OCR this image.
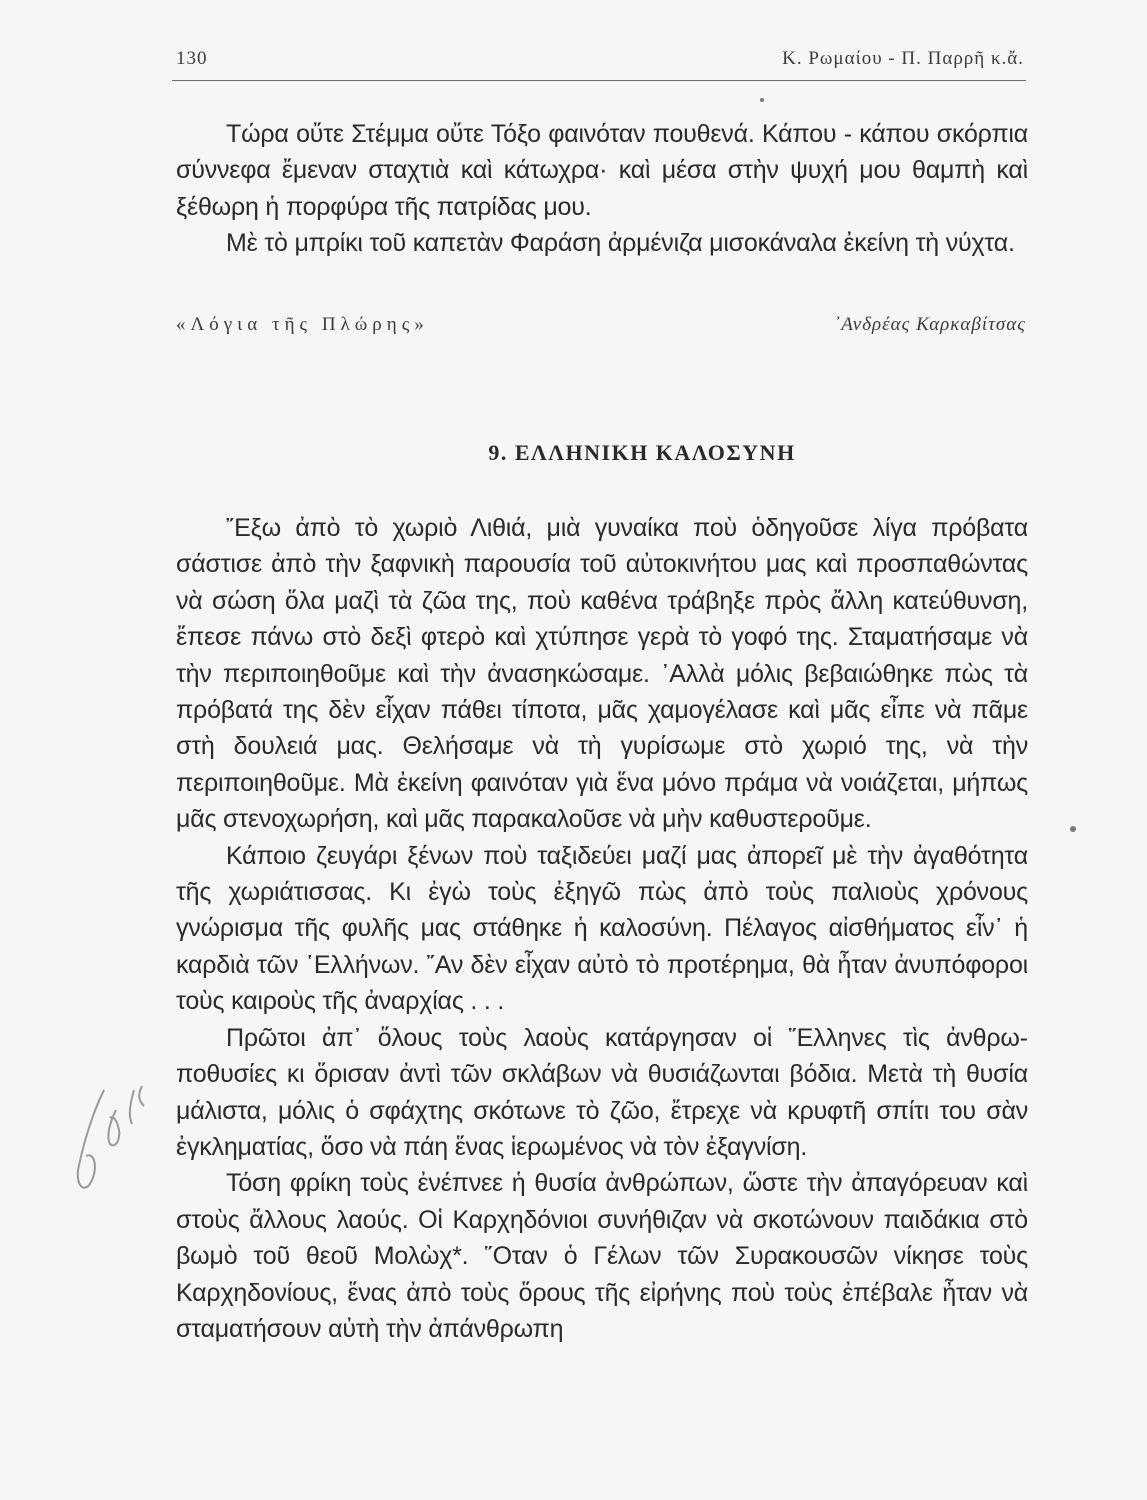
130	Κ. Ρωμαίου - Π. Παρρῆ κ.ἄ.

Τώρα οὔτε Στέμμα οὔτε Τόξο φαινόταν πουθενά. Κάπου - κάπου σκόρπια σύννεφα ἔμεναν σταχτιὰ καὶ κάτωχρα· καὶ μέσα στὴν ψυχή μου θαμπὴ καὶ ξέθωρη ἡ πορφύρα τῆς πατρίδας μου.

Μὲ τὸ μπρίκι τοῦ καπετὰν Φαράση ἀρμένιζα μισοκάναλα ἐκείνη τὴ νύχτα.

«Λόγια τῆς Πλώρης»	᾿Ανδρέας Καρκαβίτσας
9. ΕΛΛΗΝΙΚΗ ΚΑΛΟΣΥΝΗ

῎Εξω ἀπὸ τὸ χωριὸ Λιθιά, μιὰ γυναίκα ποὺ ὁδηγοῦσε λίγα πρόβατα σάστισε ἀπὸ τὴν ξαφνικὴ παρουσία τοῦ αὐτοκινήτου μας καὶ προσπαθώντας νὰ σώση ὅλα μαζὶ τὰ ζῶα της, ποὺ καθένα τράβηξε πρὸς ἄλλη κατεύθυνση, ἔπεσε πάνω στὸ δεξὶ φτερὸ καὶ χτύπησε γερὰ τὸ γοφό της. Σταματήσαμε νὰ τὴν περιποιηθοῦμε καὶ τὴν ἀνασηκώσαμε. ᾿Αλλὰ μόλις βεβαιώθηκε πὼς τὰ πρόβατά της δὲν εἶχαν πάθει τίποτα, μᾶς χαμογέλασε καὶ μᾶς εἶπε νὰ πᾶμε στὴ δουλειά μας. Θελήσαμε νὰ τὴ γυρίσωμε στὸ χωριό της, νὰ τὴν περιποιηθοῦμε. Μὰ ἐκείνη φαινόταν γιὰ ἕνα μόνο πράμα νὰ νοιάζεται, μήπως μᾶς στενοχωρήση, καὶ μᾶς παρακαλοῦσε νὰ μὴν καθυστεροῦμε.

Κάποιο ζευγάρι ξένων ποὺ ταξιδεύει μαζί μας ἀπορεῖ μὲ τὴν ἀγαθότητα τῆς χωριάτισσας. Κι ἐγὼ τοὺς ἐξηγῶ πὼς ἀπὸ τοὺς παλιοὺς χρόνους γνώρισμα τῆς φυλῆς μας στάθηκε ἡ καλοσύνη. Πέλαγος αἰσθήματος εἶν᾿ ἡ καρδιὰ τῶν ῾Ελλήνων. ῎Αν δὲν εἶχαν αὐτὸ τὸ προτέρημα, θὰ ἦταν ἀνυπόφοροι τοὺς καιροὺς τῆς ἀναρχίας . . .

Πρῶτοι ἀπ᾿ ὅλους τοὺς λαοὺς κατάργησαν οἱ ῞Ελληνες τὶς ἀνθρωποθυσίες κι ὅρισαν ἀντὶ τῶν σκλάβων νὰ θυσιάζωνται βόδια. Μετὰ τὴ θυσία μάλιστα, μόλις ὁ σφάχτης σκότωνε τὸ ζῶο, ἔτρεχε νὰ κρυφτῆ σπίτι του σὰν ἐγκληματίας, ὅσο νὰ πάη ἕνας ἱερωμένος νὰ τὸν ἐξαγνίση.

Τόση φρίκη τοὺς ἐνέπνεε ἡ θυσία ἀνθρώπων, ὥστε τὴν ἀπαγόρευαν καὶ στοὺς ἄλλους λαούς. Οἱ Καρχηδόνιοι συνήθιζαν νὰ σκοτώνουν παιδάκια στὸ βωμὸ τοῦ θεοῦ Μολὼχ*. ῞Οταν ὁ Γέλων τῶν Συρακουσῶν νίκησε τοὺς Καρχηδονίους, ἕνας ἀπὸ τοὺς ὅρους τῆς εἰρήνης ποὺ τοὺς ἐπέβαλε ἦταν νὰ σταματήσουν αὐτὴ τὴν ἀπάνθρωπη
